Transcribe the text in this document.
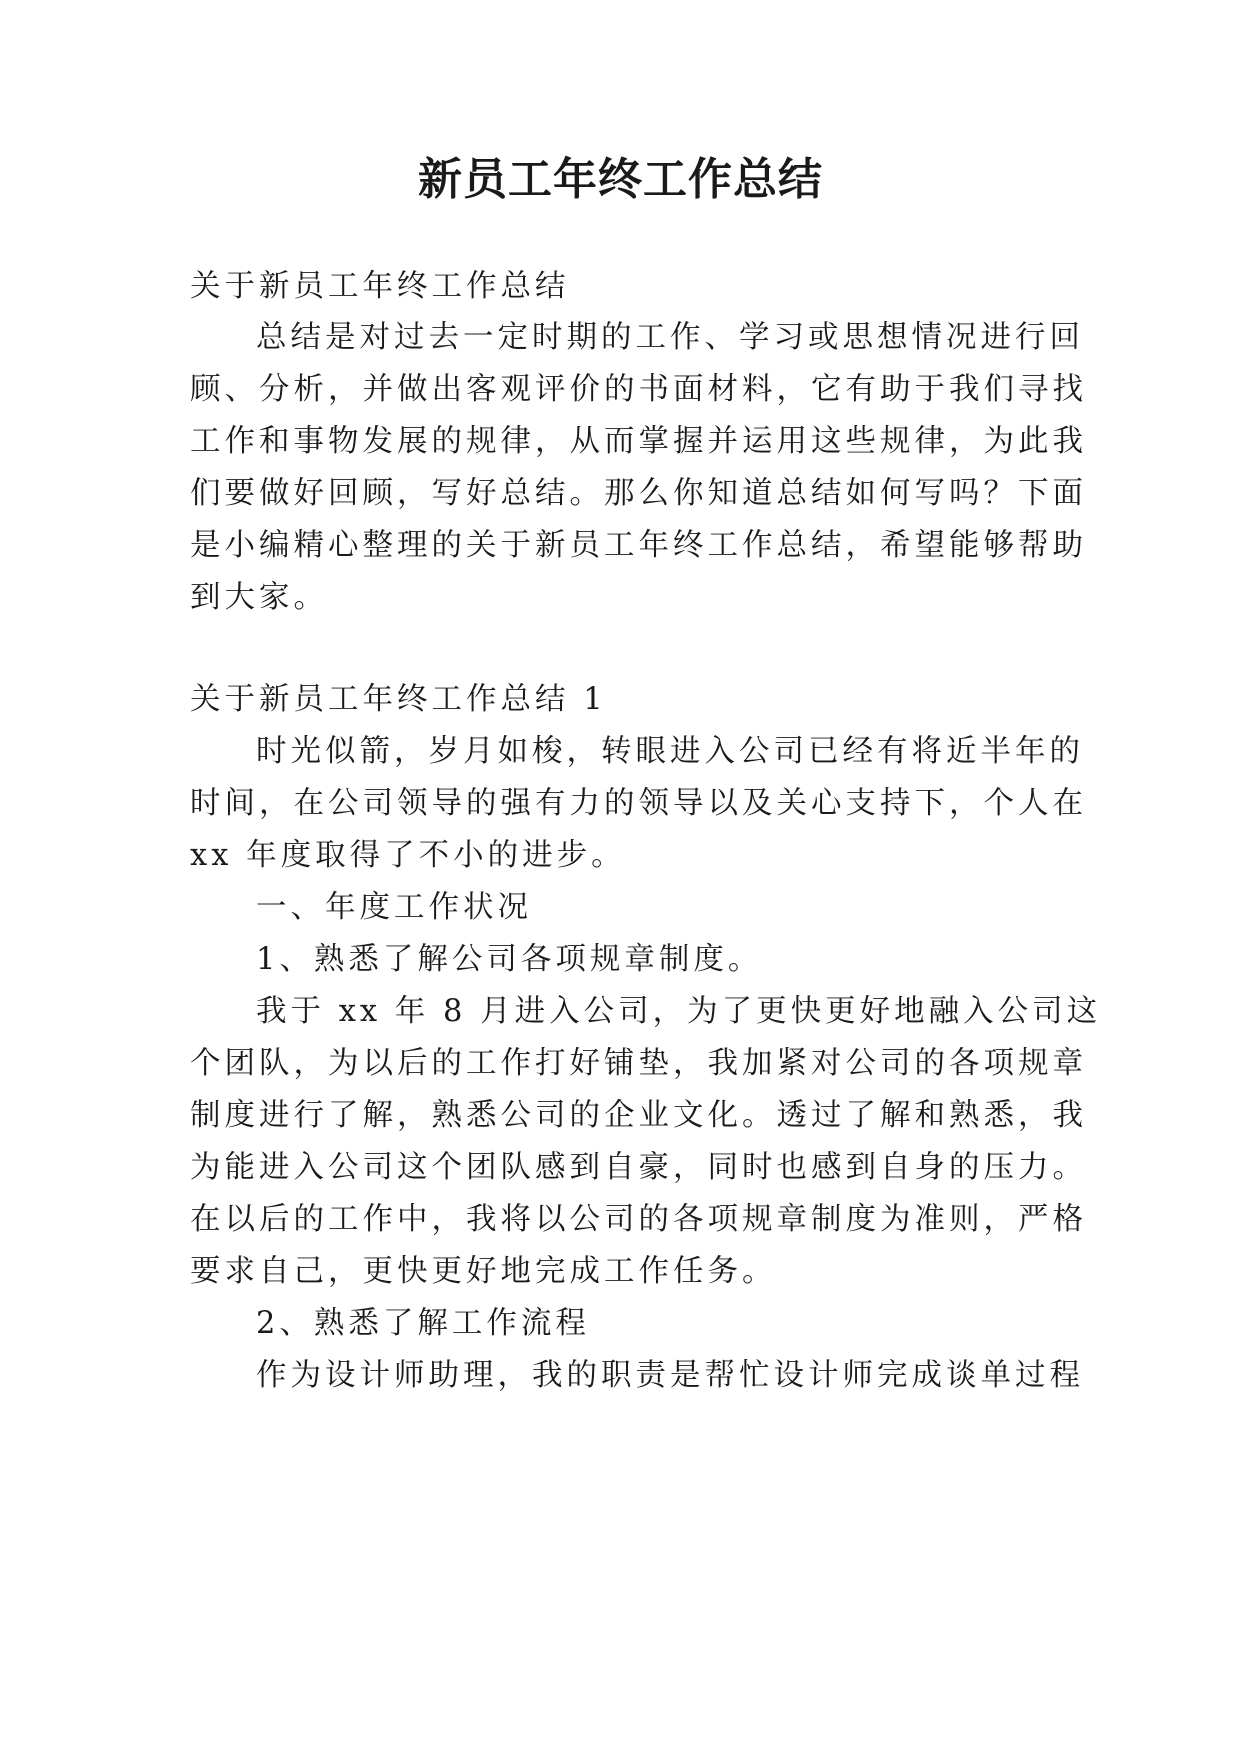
新员工年终工作总结
关于新员工年终工作总结
总结是对过去一定时期的工作、学习或思想情况进行回
顾、分析，并做出客观评价的书面材料，它有助于我们寻找
工作和事物发展的规律，从而掌握并运用这些规律，为此我
们要做好回顾，写好总结。那么你知道总结如何写吗？下面
是小编精心整理的关于新员工年终工作总结，希望能够帮助
到大家。
关于新员工年终工作总结 1
时光似箭，岁月如梭，转眼进入公司已经有将近半年的
时间，在公司领导的强有力的领导以及关心支持下，个人在
xx 年度取得了不小的进步。
一、年度工作状况
1、熟悉了解公司各项规章制度。
我于 xx 年 8 月进入公司，为了更快更好地融入公司这
个团队，为以后的工作打好铺垫，我加紧对公司的各项规章
制度进行了解，熟悉公司的企业文化。透过了解和熟悉，我
为能进入公司这个团队感到自豪，同时也感到自身的压力。
在以后的工作中，我将以公司的各项规章制度为准则，严格
要求自己，更快更好地完成工作任务。
2、熟悉了解工作流程
作为设计师助理，我的职责是帮忙设计师完成谈单过程
